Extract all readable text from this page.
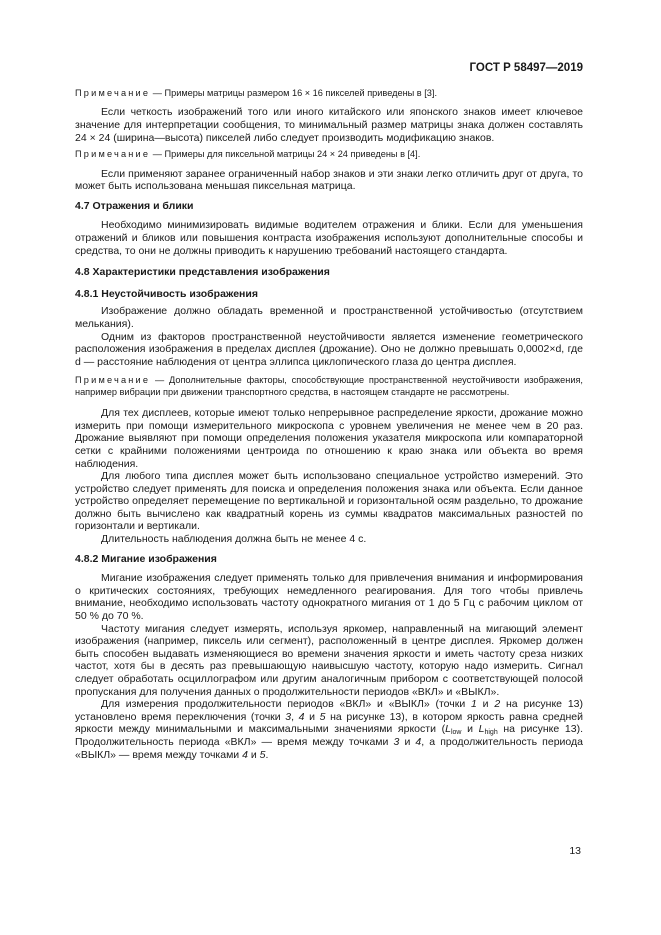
ГОСТ Р 58497—2019

Примечание — Примеры матрицы размером 16 × 16 пикселей приведены в [3].

Если четкость изображений того или иного китайского или японского знаков имеет ключевое значение для интерпретации сообщения, то минимальный размер матрицы знака должен составлять 24 × 24 (ширина—высота) пикселей либо следует производить модификацию знаков.

Примечание — Примеры для пиксельной матрицы 24 × 24 приведены в [4].

Если применяют заранее ограниченный набор знаков и эти знаки легко отличить друг от друга, то может быть использована меньшая пиксельная матрица.

4.7 Отражения и блики

Необходимо минимизировать видимые водителем отражения и блики. Если для уменьшения отражений и бликов или повышения контраста изображения используют дополнительные способы и средства, то они не должны приводить к нарушению требований настоящего стандарта.

4.8 Характеристики представления изображения

4.8.1 Неустойчивость изображения

Изображение должно обладать временной и пространственной устойчивостью (отсутствием мелькания).

Одним из факторов пространственной неустойчивости является изменение геометрического расположения изображения в пределах дисплея (дрожание). Оно не должно превышать 0,0002×d, где d — расстояние наблюдения от центра эллипса циклопического глаза до центра дисплея.

Примечание — Дополнительные факторы, способствующие пространственной неустойчивости изображения, например вибрации при движении транспортного средства, в настоящем стандарте не рассмотрены.

Для тех дисплеев, которые имеют только непрерывное распределение яркости, дрожание можно измерить при помощи измерительного микроскопа с уровнем увеличения не менее чем в 20 раз. Дрожание выявляют при помощи определения положения указателя микроскопа или компараторной сетки с крайними положениями центроида по отношению к краю знака или объекта во время наблюдения.

Для любого типа дисплея может быть использовано специальное устройство измерений. Это устройство следует применять для поиска и определения положения знака или объекта. Если данное устройство определяет перемещение по вертикальной и горизонтальной осям раздельно, то дрожание должно быть вычислено как квадратный корень из суммы квадратов максимальных разностей по горизонтали и вертикали.

Длительность наблюдения должна быть не менее 4 с.

4.8.2 Мигание изображения

Мигание изображения следует применять только для привлечения внимания и информирования о критических состояниях, требующих немедленного реагирования. Для того чтобы привлечь внимание, необходимо использовать частоту однократного мигания от 1 до 5 Гц с рабочим циклом от 50 % до 70 %.

Частоту мигания следует измерять, используя яркомер, направленный на мигающий элемент изображения (например, пиксель или сегмент), расположенный в центре дисплея. Яркомер должен быть способен выдавать изменяющиеся во времени значения яркости и иметь частоту среза низких частот, хотя бы в десять раз превышающую наивысшую частоту, которую надо измерить. Сигнал следует обработать осциллографом или другим аналогичным прибором с соответствующей полосой пропускания для получения данных о продолжительности периодов «ВКЛ» и «ВЫКЛ».

Для измерения продолжительности периодов «ВКЛ» и «ВЫКЛ» (точки 1 и 2 на рисунке 13) установлено время переключения (точки 3, 4 и 5 на рисунке 13), в котором яркость равна средней яркости между минимальными и максимальными значениями яркости ($L_{low}$ и $L_{high}$ на рисунке 13). Продолжительность периода «ВКЛ» — время между точками 3 и 4, а продолжительность периода «ВЫКЛ» — время между точками 4 и 5.

13
